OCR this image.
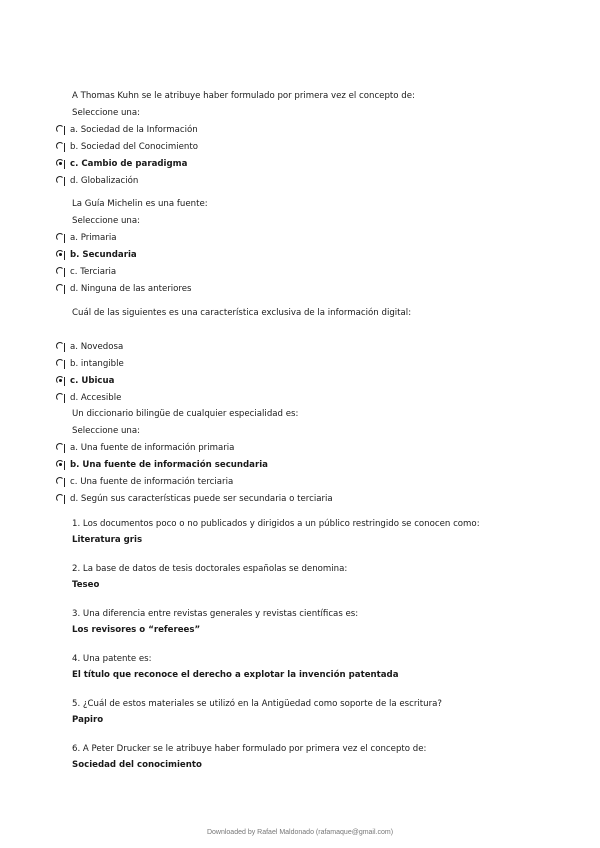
A Thomas Kuhn se le atribuye haber formulado por primera vez el concepto de:
Seleccione una:
a. Sociedad de la Información
b. Sociedad del Conocimiento
c. Cambio de paradigma
d. Globalización
La Guía Michelin es una fuente:
Seleccione una:
a. Primaria
b. Secundaria
c. Terciaria
d. Ninguna de las anteriores
Cuál de las siguientes es una característica exclusiva de la información digital:
a. Novedosa
b. intangible
c. Ubicua
d. Accesible
Un diccionario bilingüe de cualquier especialidad es:
Seleccione una:
a. Una fuente de información primaria
b. Una fuente de información secundaria
c. Una fuente de información terciaria
d. Según sus características puede ser secundaria o terciaria
1. Los documentos poco o no publicados y dirigidos a un público restringido se conocen como:
Literatura gris
2. La base de datos de tesis doctorales españolas se denomina:
Teseo
3. Una diferencia entre revistas generales y revistas científicas es:
Los revisores o “referees”
4. Una patente es:
El título que reconoce el derecho a explotar la invención patentada
5. ¿Cuál de estos materiales se utilizó en la Antigüedad como soporte de la escritura?
Papiro
6. A Peter Drucker se le atribuye haber formulado por primera vez el concepto de:
Sociedad del conocimiento
Downloaded by Rafael Maldonado (rafamaque@gmail.com)
